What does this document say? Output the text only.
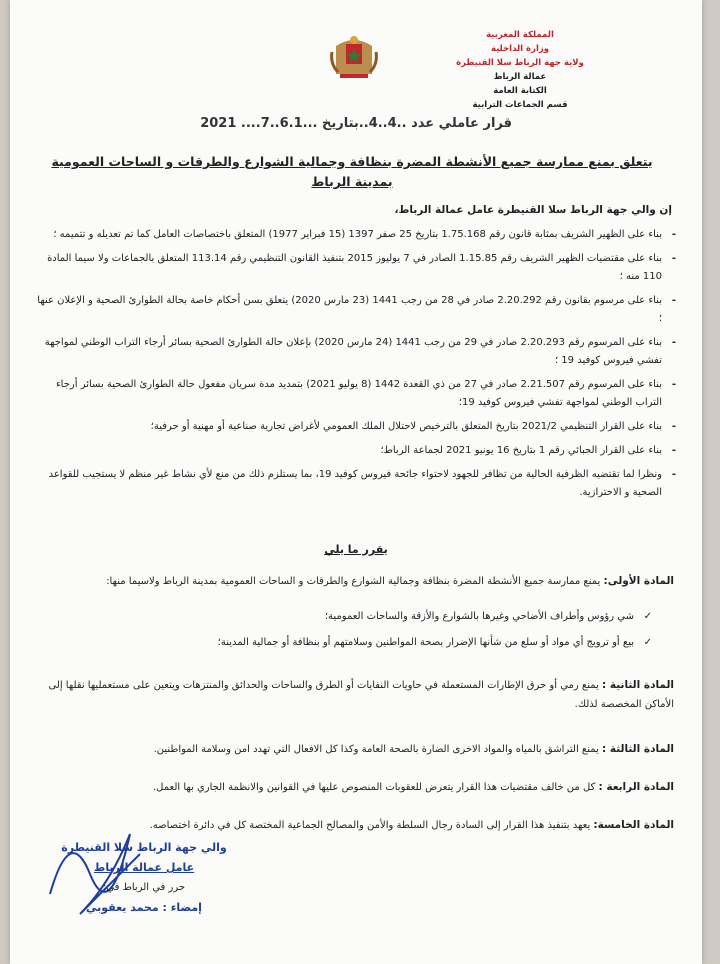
المملكة المغربية
وزارة الداخلية
ولاية جهة الرباط سلا القنيطرة
عمالة الرباط
الكتابة العامة
قسم الجماعات الترابية
قرار عاملي عدد ..4..4..بتاريخ ...6.1..7.... 2021
يتعلق بمنع ممارسة جميع الأنشطة المضرة بنظافة وجمالية الشوارع والطرقات و الساحات العمومية بمدينة الرباط
إن والي جهة الرباط سلا القنيطرة عامل عمالة الرباط،
- بناء على الظهير الشريف بمثابة قانون رقم 1.75.168 بتاريخ 25 صفر 1397 (15 فبراير 1977) المتعلق باختصاصات العامل كما تم تعديله و تتميمه ؛
- بناء على مقتضيات الظهير الشريف رقم 1.15.85 الصادر في 7 يوليوز 2015 بتنفيذ القانون التنظيمي رقم 113.14 المتعلق بالجماعات ولا سيما المادة 110 منه ؛
- بناء على مرسوم بقانون رقم 2.20.292 صادر في 28 من رجب 1441 (23 مارس 2020) يتعلق بسن أحكام خاصة بحالة الطوارئ الصحية و الإعلان عنها ؛
- بناء على المرسوم رقم 2.20.293 صادر في 29 من رجب 1441 (24 مارس 2020) بإعلان حالة الطوارئ الصحية بسائر أرجاء التراب الوطني لمواجهة تفشي فيروس كوفيد 19 ؛
- بناء على المرسوم رقم 2.21.507 صادر في 27 من ذي القعدة 1442 (8 يوليو 2021) بتمديد مدة سريان مفعول حالة الطوارئ الصحية بسائر أرجاء التراب الوطني لمواجهة تفشي فيروس كوفيد 19؛
- بناء على القرار التنظيمي 2021/2 بتاريخ المتعلق بالترخيص لاحتلال الملك العمومي لأغراض تجارية صناعية أو مهنية أو حرفية؛
- بناء على القرار الجبائي رقم 1 بتاريخ 16 يونيو 2021 لجماعة الرباط؛
- ونظرا لما تقتضيه الظرفية الحالية من تظافر للجهود لاحتواء جائحة فيروس كوفيد 19، بما يستلزم ذلك من منع لأي نشاط غير منظم لا يستجيب للقواعد الصحية و الاحترازية.
يقرر ما يلي
المادة الأولى: يمنع ممارسة جميع الأنشطة المضرة بنظافة وجمالية الشوارع والطرقات و الساحات العمومية بمدينة الرباط ولاسيما منها:
✓
شي رؤوس وأطراف الأضاحي وغيرها بالشوارع والأزقة والساحات العمومية؛
✓
بيع أو ترويج أي مواد أو سلع من شأنها الإضرار بصحة المواطنين وسلامتهم أو بنظافة أو جمالية المدينة؛
المادة الثانية : يمنع رمي أو حرق الإطارات المستعملة في حاويات النفايات أو الطرق والساحات والحدائق والمنتزهات ويتعين على مستعمليها نقلها إلى الأماكن المخصصة لذلك.
المادة الثالثة : يمنع التراشق بالمياه والمواد الاخرى الضارة بالصحة العامة وكذا كل الافعال التي تهدد امن وسلامة المواطنين.
المادة الرابعة : كل من خالف مقتضيات هذا القرار يتعرض للعقوبات المنصوص عليها في القوانين والانظمة الجاري بها العمل.
المادة الخامسة: يعهد بتنفيذ هذا القرار إلى السادة رجال السلطة والأمن والمصالح الجماعية المختصة كل في دائرة اختصاصه.
والي جهة الرباط سلا القنيطرة
عامل عمالة الرباط
حرر في الرباط في:
إمضاء : محمد يعقوبي
